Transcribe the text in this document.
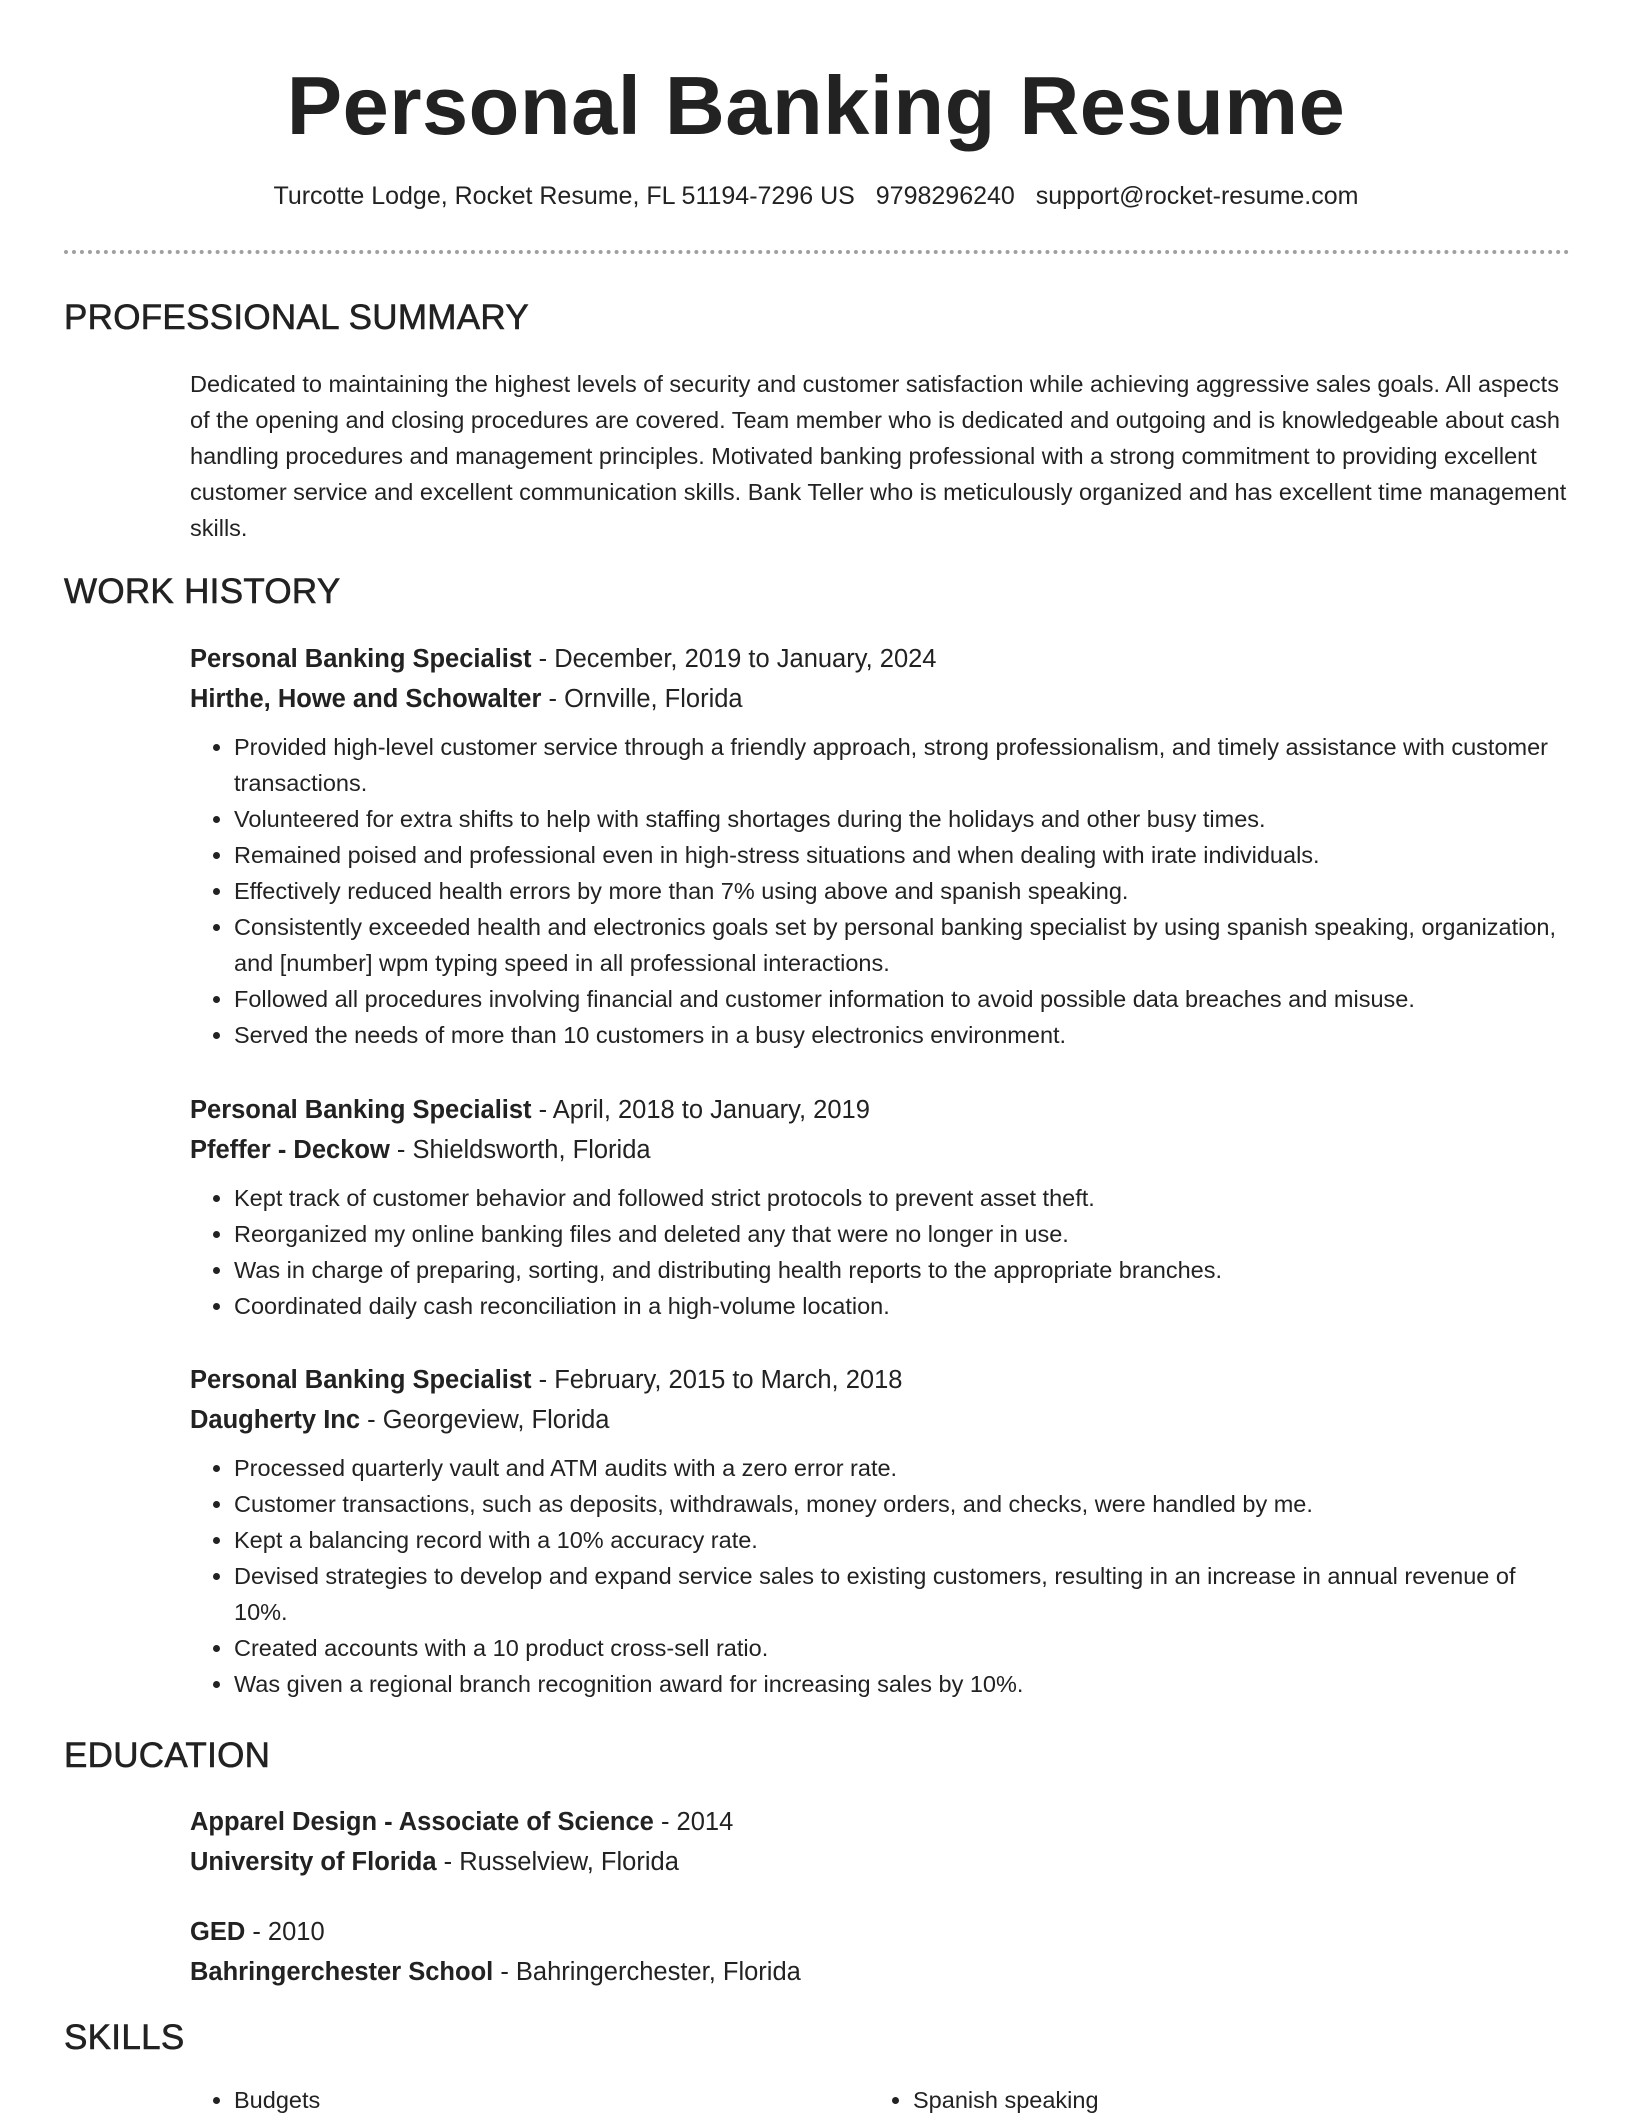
Personal Banking Resume
Turcotte Lodge, Rocket Resume, FL 51194-7296 US 9798296240 support@rocket-resume.com
PROFESSIONAL SUMMARY

Dedicated to maintaining the highest levels of security and customer satisfaction while achieving aggressive sales goals. All aspects of the opening and closing procedures are covered. Team member who is dedicated and outgoing and is knowledgeable about cash handling procedures and management principles. Motivated banking professional with a strong commitment to providing excellent customer service and excellent communication skills. Bank Teller who is meticulously organized and has excellent time management skills.

WORK HISTORY

Personal Banking Specialist - December, 2019 to January, 2024

Hirthe, Howe and Schowalter - Ornville, Florida

• Provided high-level customer service through a friendly approach, strong professionalism, and timely assistance with customer transactions.
• Volunteered for extra shifts to help with staffing shortages during the holidays and other busy times.
• Remained poised and professional even in high-stress situations and when dealing with irate individuals.
• Effectively reduced health errors by more than 7% using above and spanish speaking.
• Consistently exceeded health and electronics goals set by personal banking specialist by using spanish speaking, organization, and [number] wpm typing speed in all professional interactions.
• Followed all procedures involving financial and customer information to avoid possible data breaches and misuse.
• Served the needs of more than 10 customers in a busy electronics environment.

Personal Banking Specialist - April, 2018 to January, 2019

Pfeffer - Deckow - Shieldsworth, Florida

• Kept track of customer behavior and followed strict protocols to prevent asset theft.
• Reorganized my online banking files and deleted any that were no longer in use.
• Was in charge of preparing, sorting, and distributing health reports to the appropriate branches.
• Coordinated daily cash reconciliation in a high-volume location.

Personal Banking Specialist - February, 2015 to March, 2018

Daugherty Inc - Georgeview, Florida

• Processed quarterly vault and ATM audits with a zero error rate.
• Customer transactions, such as deposits, withdrawals, money orders, and checks, were handled by me.
• Kept a balancing record with a 10% accuracy rate.
• Devised strategies to develop and expand service sales to existing customers, resulting in an increase in annual revenue of 10%.
• Created accounts with a 10 product cross-sell ratio.
• Was given a regional branch recognition award for increasing sales by 10%.
EDUCATION

Apparel Design - Associate of Science - 2014

University of Florida - Russelview, Florida

GED - 2010

Bahringerchester School - Bahringerchester, Florida

SKILLS
• Budgets
•	Spanish speaking
